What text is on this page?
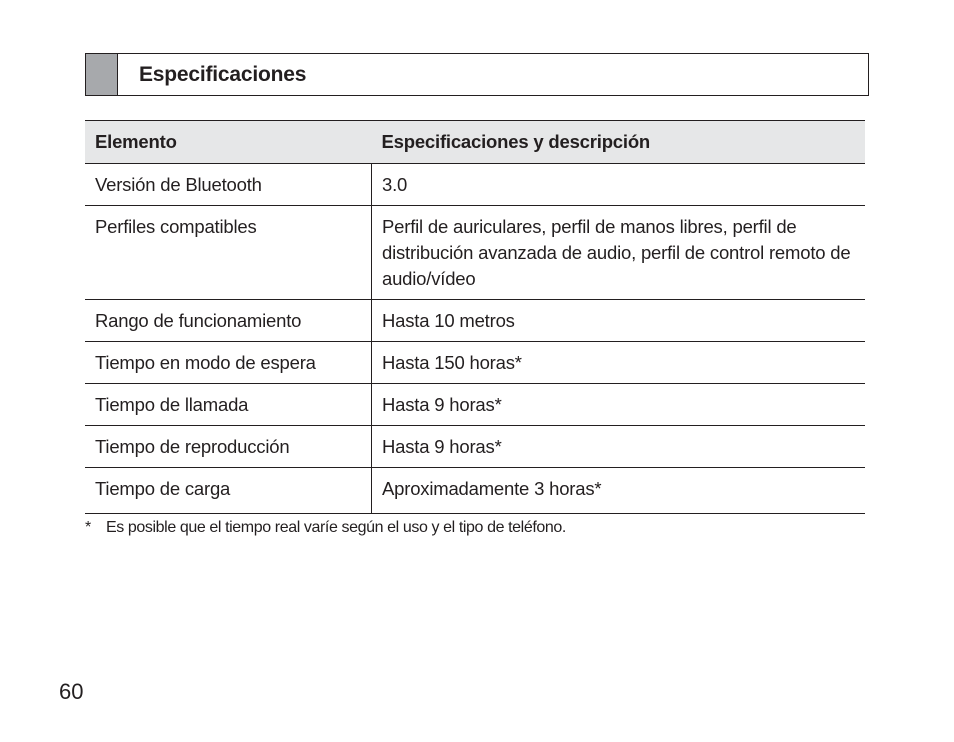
Especificaciones
Elemento	Especificaciones y descripción
Versión de Bluetooth	3.0
Perfiles compatibles	Perfil de auriculares, perfil de manos libres, perfil de distribución avanzada de audio, perfil de control remoto de audio/vídeo
Rango de funcionamiento	Hasta 10 metros
Tiempo en modo de espera	Hasta 150 horas*
Tiempo de llamada	Hasta 9 horas*
Tiempo de reproducción	Hasta 9 horas*
Tiempo de carga	Aproximadamente 3 horas*
* Es posible que el tiempo real varíe según el uso y el tipo de teléfono.
60
